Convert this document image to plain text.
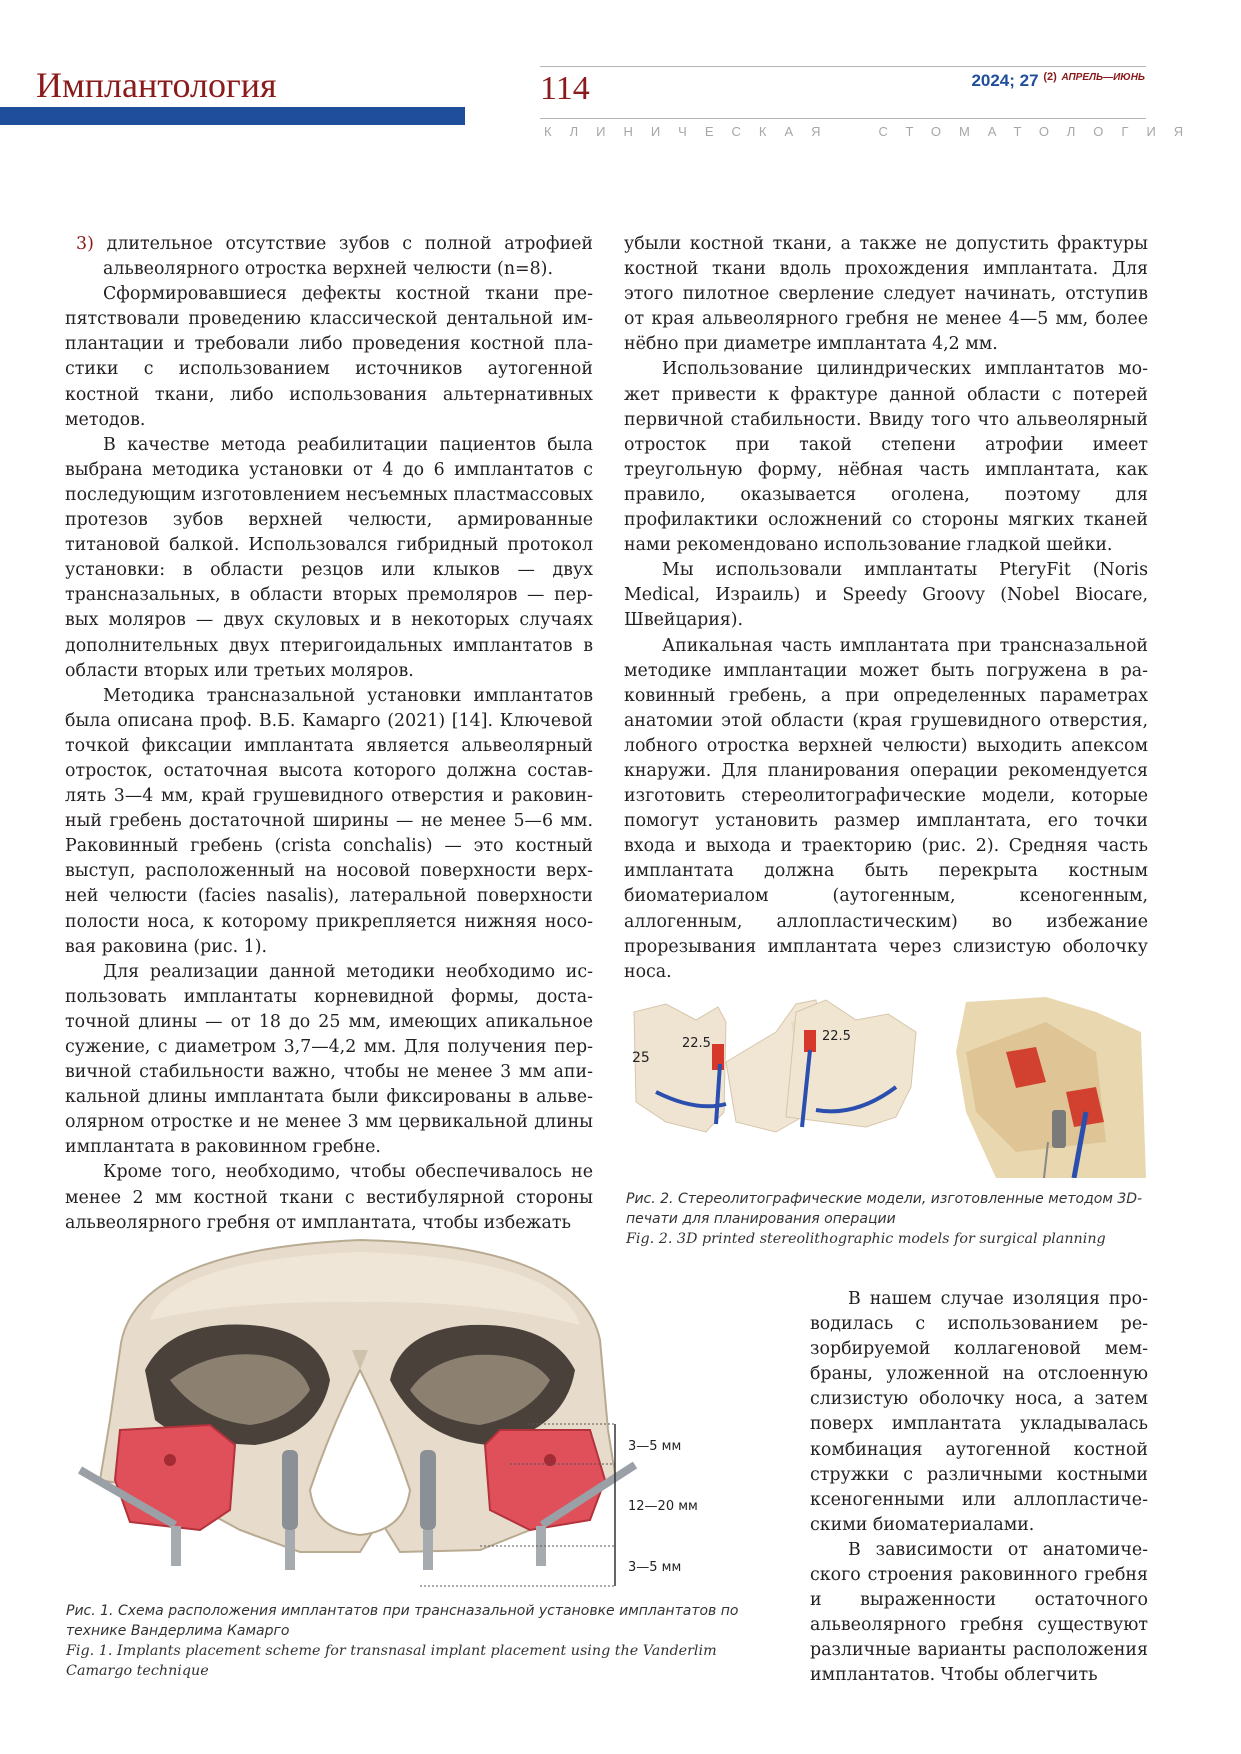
Имплантология	114	2024; 27 $^{(2)}$ $^{АПРЕЛЬ—ИЮНЬ}$
КЛИНИЧЕСКАЯ	СТОМАТОЛОГИЯ

3) длительное отсутствие зубов с полной атрофией альвеолярного отростка верхней челюсти (n=8).

Сформировавшиеся дефекты костной ткани препятствовали проведению классической дентальной имплантации и требовали либо проведения костной пластики с использованием источников аутогенной костной ткани, либо использования альтернативных методов.

В качестве метода реабилитации пациентов была выбрана методика установки от 4 до 6 имплантатов с последующим изготовлением несъемных пластмассовых протезов зубов верхней челюсти, армированные титановой балкой. Использовался гибридный протокол установки: в области резцов или клыков — двух трансназальных, в области вторых премоляров — первых моляров — двух скуловых и в некоторых случаях дополнительных двух птеригоидальных имплантатов в области вторых или третьих моляров.

Методика трансназальной установки имплантатов была описана проф. В.Б. Камарго (2021) [14]. Ключевой точкой фиксации имплантата является альвеолярный отросток, остаточная высота которого должна составлять 3—4 мм, край грушевидного отверстия и раковинный гребень достаточной ширины — не менее 5—6 мм. Раковинный гребень (crista conchalis) — это костный выступ, расположенный на носовой поверхности верхней челюсти (facies nasalis), латеральной поверхности полости носа, к которому прикрепляется нижняя носовая раковина (рис. 1).

Для реализации данной методики необходимо использовать имплантаты корневидной формы, достаточной длины — от 18 до 25 мм, имеющих апикальное сужение, с диаметром 3,7—4,2 мм. Для получения первичной стабильности важно, чтобы не менее 3 мм апикальной длины имплантата были фиксированы в альвеолярном отростке и не менее 3 мм цервикальной длины имплантата в раковинном гребне.

Кроме того, необходимо, чтобы обеспечивалось не менее 2 мм костной ткани с вестибулярной стороны альвеолярного гребня от имплантата, чтобы избежать

убыли костной ткани, а также не допустить фрактуры костной ткани вдоль прохождения имплантата. Для этого пилотное сверление следует начинать, отступив от края альвеолярного гребня не менее 4—5 мм, более нёбно при диаметре имплантата 4,2 мм.

Использование цилиндрических имплантатов может привести к фрактуре данной области с потерей первичной стабильности. Ввиду того что альвеолярный отросток при такой степени атрофии имеет треугольную форму, нёбная часть имплантата, как правило, оказывается оголена, поэтому для профилактики осложнений со стороны мягких тканей нами рекомендовано использование гладкой шейки.

Мы использовали имплантаты PteryFit (Noris Medical, Израиль) и Speedy Groovy (Nobel Biocare, Швейцария).

Апикальная часть имплантата при трансназальной методике имплантации может быть погружена в раковинный гребень, а при определенных параметрах анатомии этой области (края грушевидного отверстия, лобного отростка верхней челюсти) выходить апексом кнаружи. Для планирования операции рекомендуется изготовить стереолитографические модели, которые помогут установить размер имплантата, его точки входа и выхода и траекторию (рис. 2). Средняя часть имплантата должна быть перекрыта костным биоматериалом (аутогенным, ксеногенным, аллогенным, аллопластическим) во избежание прорезывания имплантата через слизистую оболочку носа.

25
22.5	22.5
Рис. 2. Стереолитографические модели, изготовленные методом 3D-печати для планирования операции
Fig. 2. 3D printed stereolithographic models for surgical planning
3—5 мм
12—20 мм
3—5 мм
Рис. 1. Схема расположения имплантатов при трансназальной установке имплантатов по технике Вандерлима Камарго
Fig. 1. Implants placement scheme for transnasal implant placement using the Vanderlim Camargo technique

В нашем случае изоляция проводилась с использованием резорбируемой коллагеновой мембраны, уложенной на отслоенную слизистую оболочку носа, а затем поверх имплантата укладывалась комбинация аутогенной костной стружки с различными костными ксеногенными или аллопластическими биоматериалами.

В зависимости от анатомического строения раковинного гребня и выраженности остаточного альвеолярного гребня существуют различные варианты расположения имплантатов. Чтобы облегчить
